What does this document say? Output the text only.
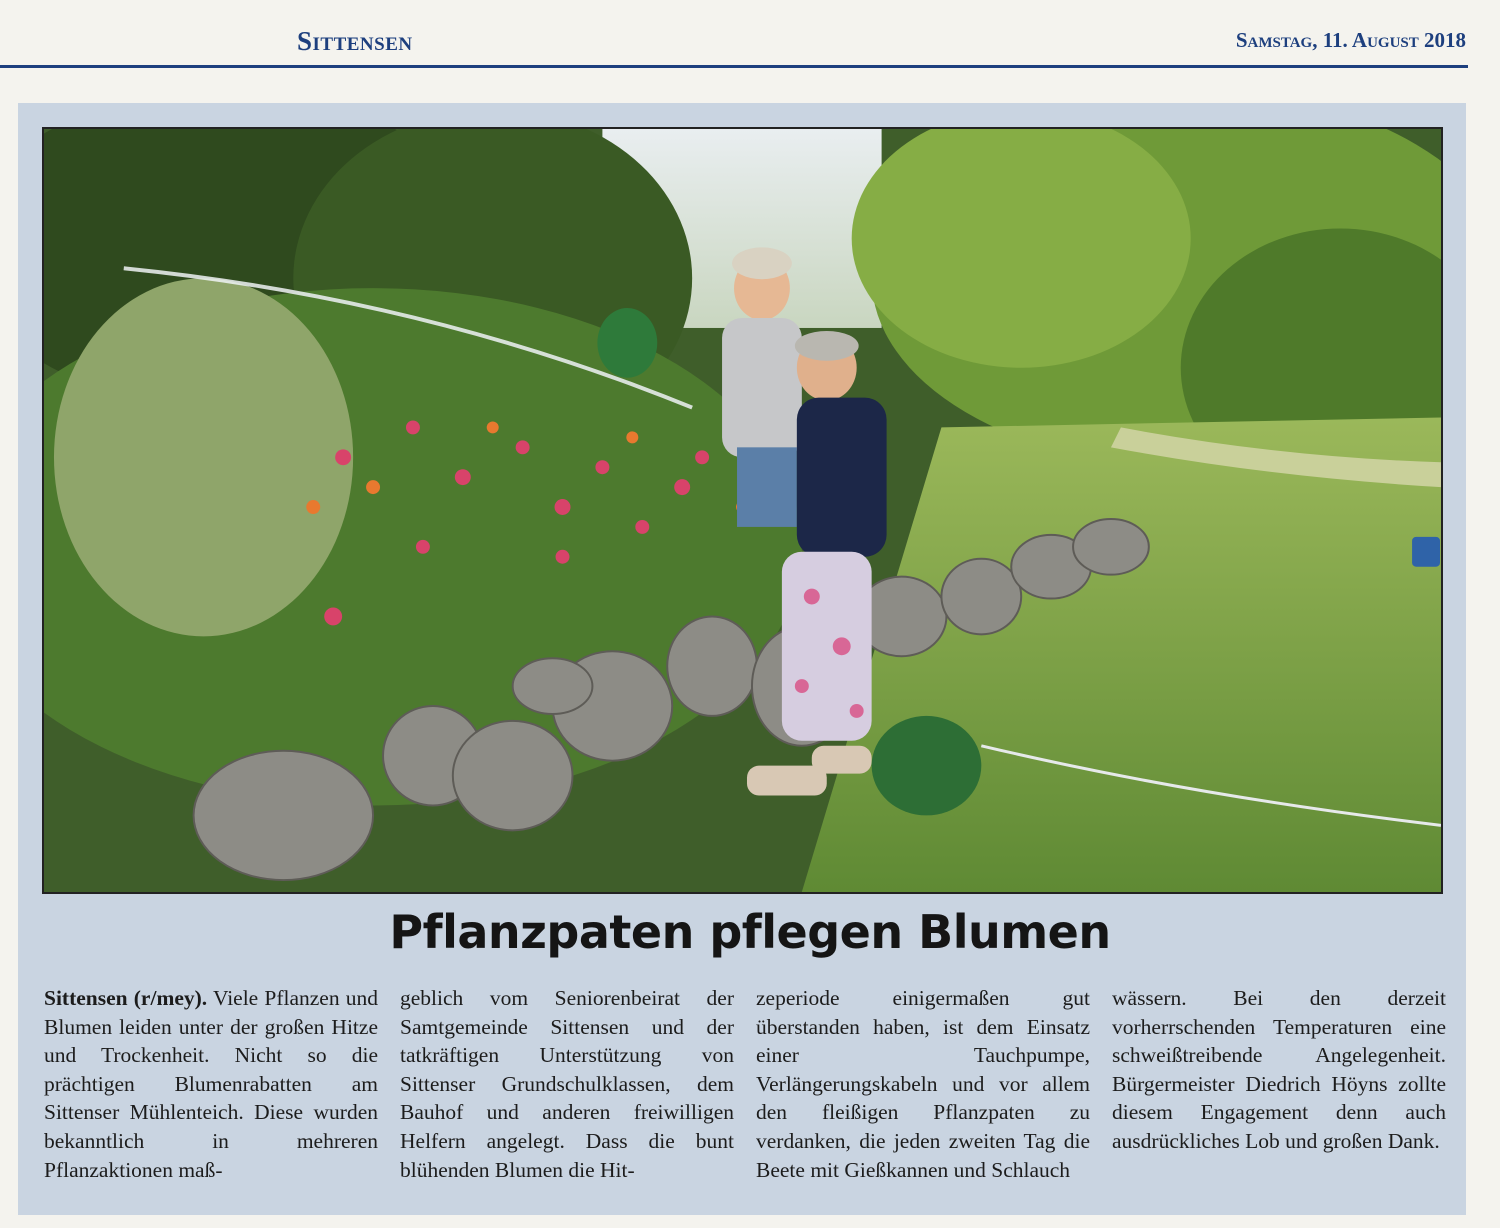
Sittensen	Samstag, 11. August 2018
Pflanzpaten pflegen Blumen
Sittensen (r/mey). Viele Pflanzen und Blumen leiden unter der großen Hitze und Trockenheit. Nicht so die prächtigen Blumenrabatten am Sittenser Mühlenteich. Diese wurden bekanntlich in mehreren Pflanzaktionen maß-
geblich vom Seniorenbeirat der Samtgemeinde Sittensen und der tatkräftigen Unterstützung von Sittenser Grundschulklassen, dem Bauhof und anderen freiwilligen Helfern angelegt. Dass die bunt blühenden Blumen die Hit-
zeperiode einigermaßen gut überstanden haben, ist dem Einsatz einer Tauchpumpe, Verlängerungskabeln und vor allem den fleißigen Pflanzpaten zu verdanken, die jeden zweiten Tag die Beete mit Gießkannen und Schlauch
wässern. Bei den derzeit vorherrschenden Temperaturen eine schweißtreibende Angelegenheit. Bürgermeister Diedrich Höyns zollte diesem Engagement denn auch ausdrückliches Lob und großen Dank.
